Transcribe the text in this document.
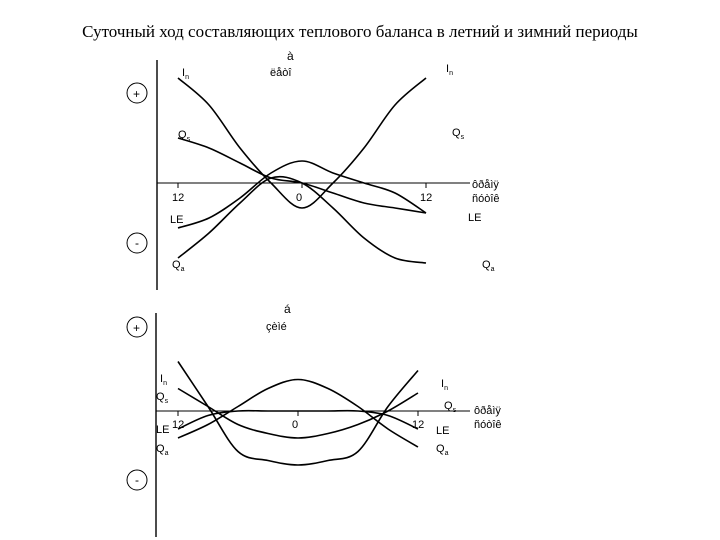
Суточный ход составляющих теплового баланса в летний и зимний периоды
+
-
à
ëåòî
12	0	12
ôðåìÿ
ñóòîê
$I_n$
$I_n$
$Q_s$
$Q_s$
LE	LE
$Q_a$	$Q_a$
+
-
á
çèìé
12	0	12
ôðåìÿ
ñóòîê
$I_n$	$I_n$
$Q_s$	$Q_s$
LE	LE
$Q_a$	$Q_a$
